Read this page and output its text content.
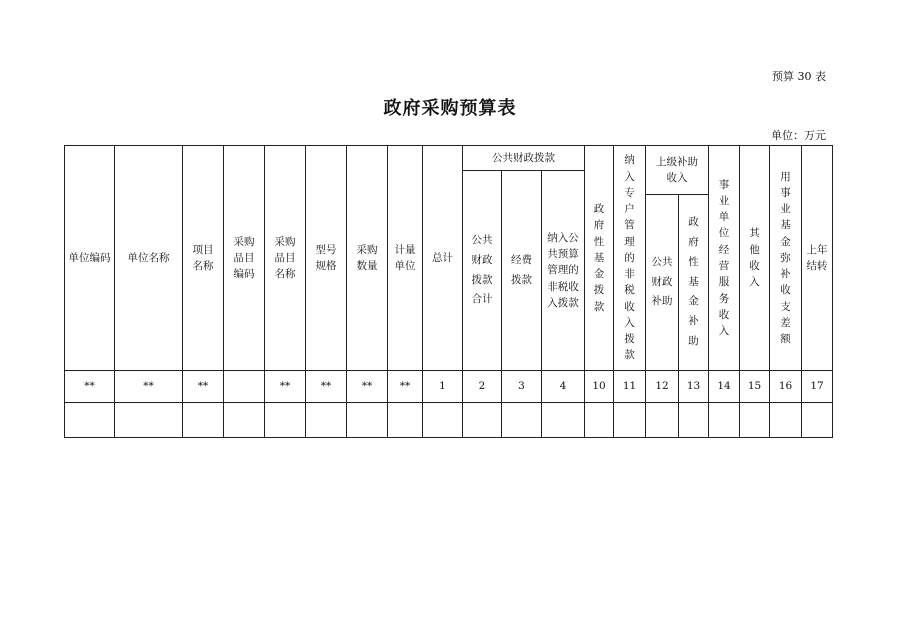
预算 30 表
政府采购预算表
单位：万元
单位编码	单位名称	项目名称	采购品目编码	采购品目名称	型号规格	采购数量	计量单位	总计	公共财政拨款			政府性基金拨款	纳入专户管理的非税收入拨款	上级补助收入		事业单位经营服务收入	其他收入	用事业基金弥补收支差额	上年结转
									公共财政拨款合计	经费拨款	纳入公共预算管理的非税收入拨款								
														公共财政补助	政府性基金补助				
**	**	**		**	**	**	**	1	2	3	4	10	11	12	13	14	15	16	17
